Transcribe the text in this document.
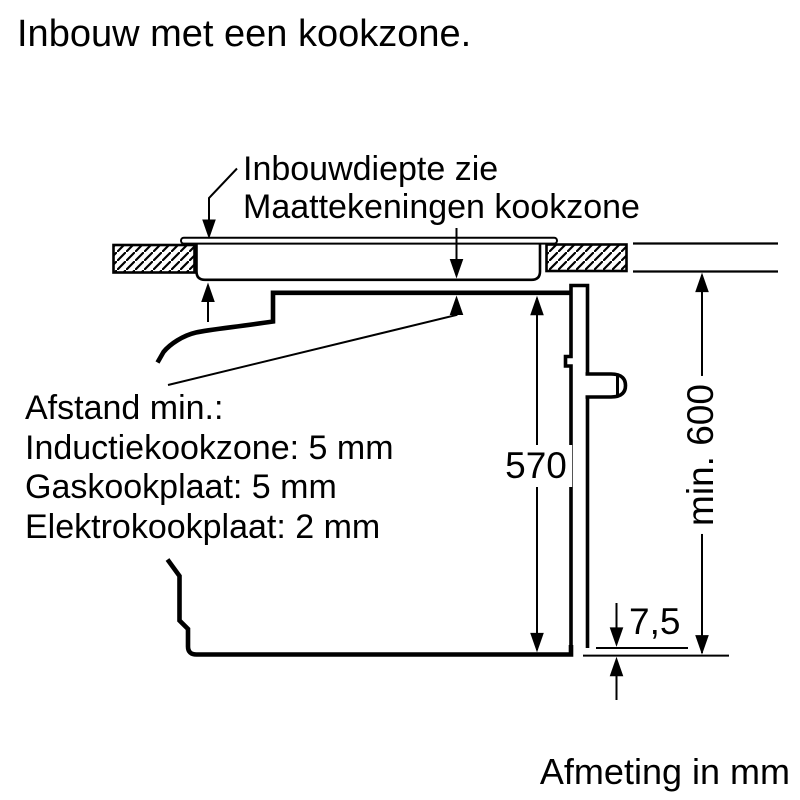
Inbouw met een kookzone.
Inbouwdiepte zie
Maattekeningen kookzone
Afstand min.:
Inductiekookzone: 5 mm
Gaskookplaat: 5 mm
Elektrokookplaat: 2 mm
570	min. 600
7,5
Afmeting in mm
